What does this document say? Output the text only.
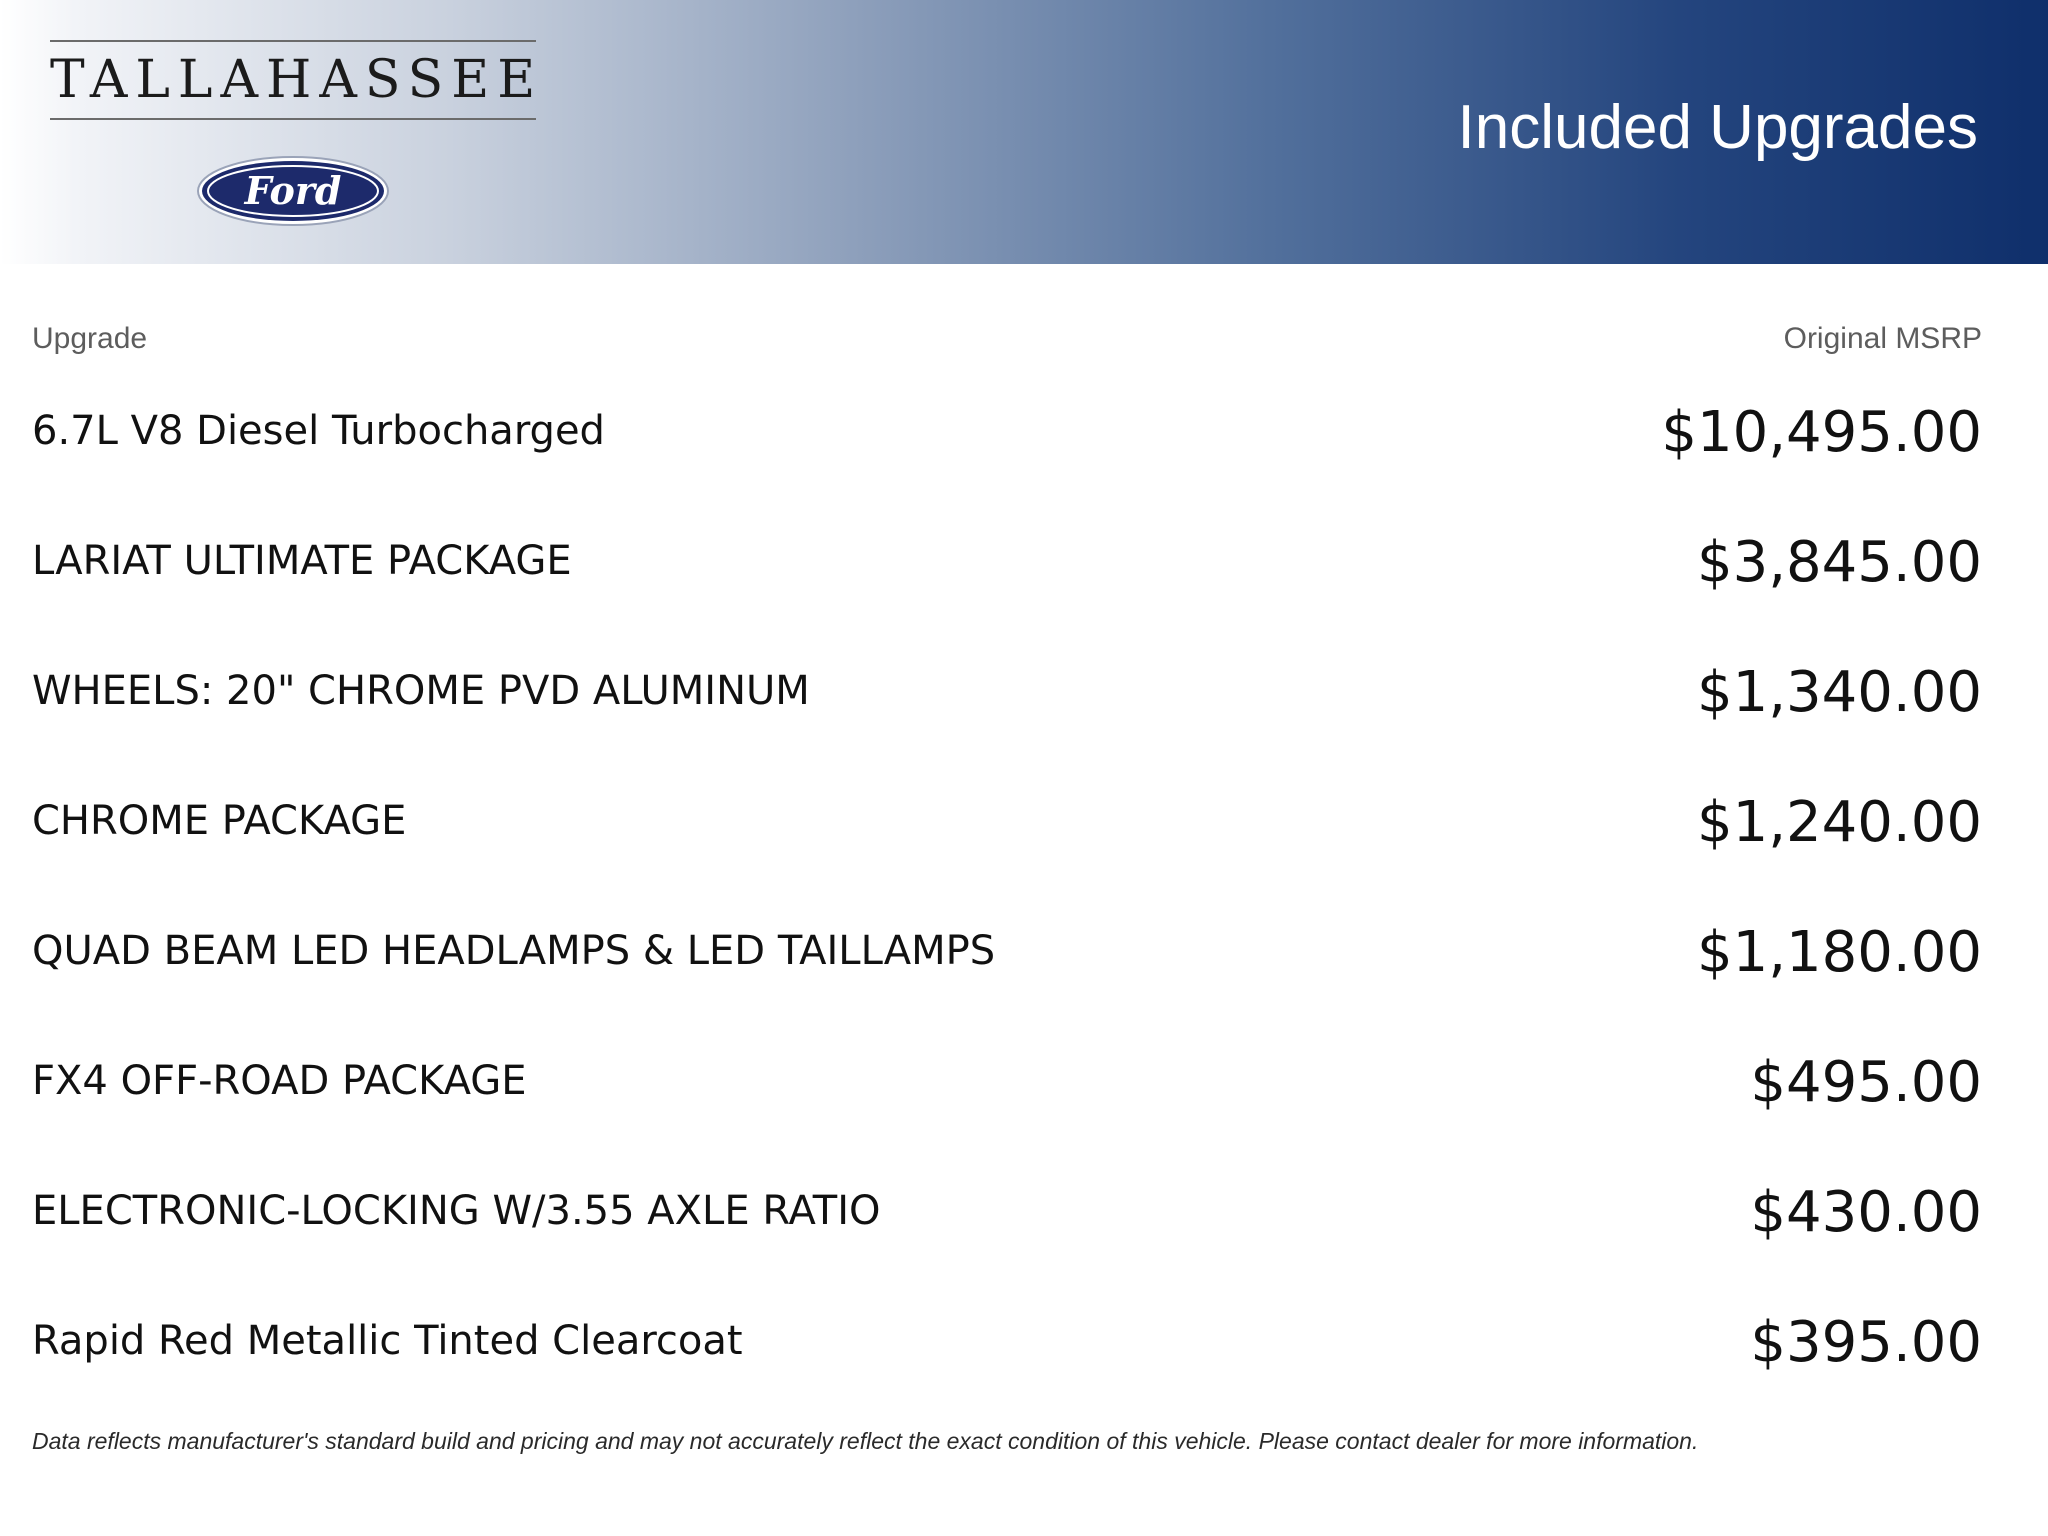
TALLAHASSEE
Ford
Included Upgrades
Upgrade	Original MSRP
6.7L V8 Diesel Turbocharged	$10,495.00
LARIAT ULTIMATE PACKAGE	$3,845.00
WHEELS: 20" CHROME PVD ALUMINUM	$1,340.00
CHROME PACKAGE	$1,240.00
QUAD BEAM LED HEADLAMPS & LED TAILLAMPS	$1,180.00
FX4 OFF-ROAD PACKAGE	$495.00
ELECTRONIC-LOCKING W/3.55 AXLE RATIO	$430.00
Rapid Red Metallic Tinted Clearcoat	$395.00
Data reflects manufacturer's standard build and pricing and may not accurately reflect the exact condition of this vehicle. Please contact dealer for more information.
